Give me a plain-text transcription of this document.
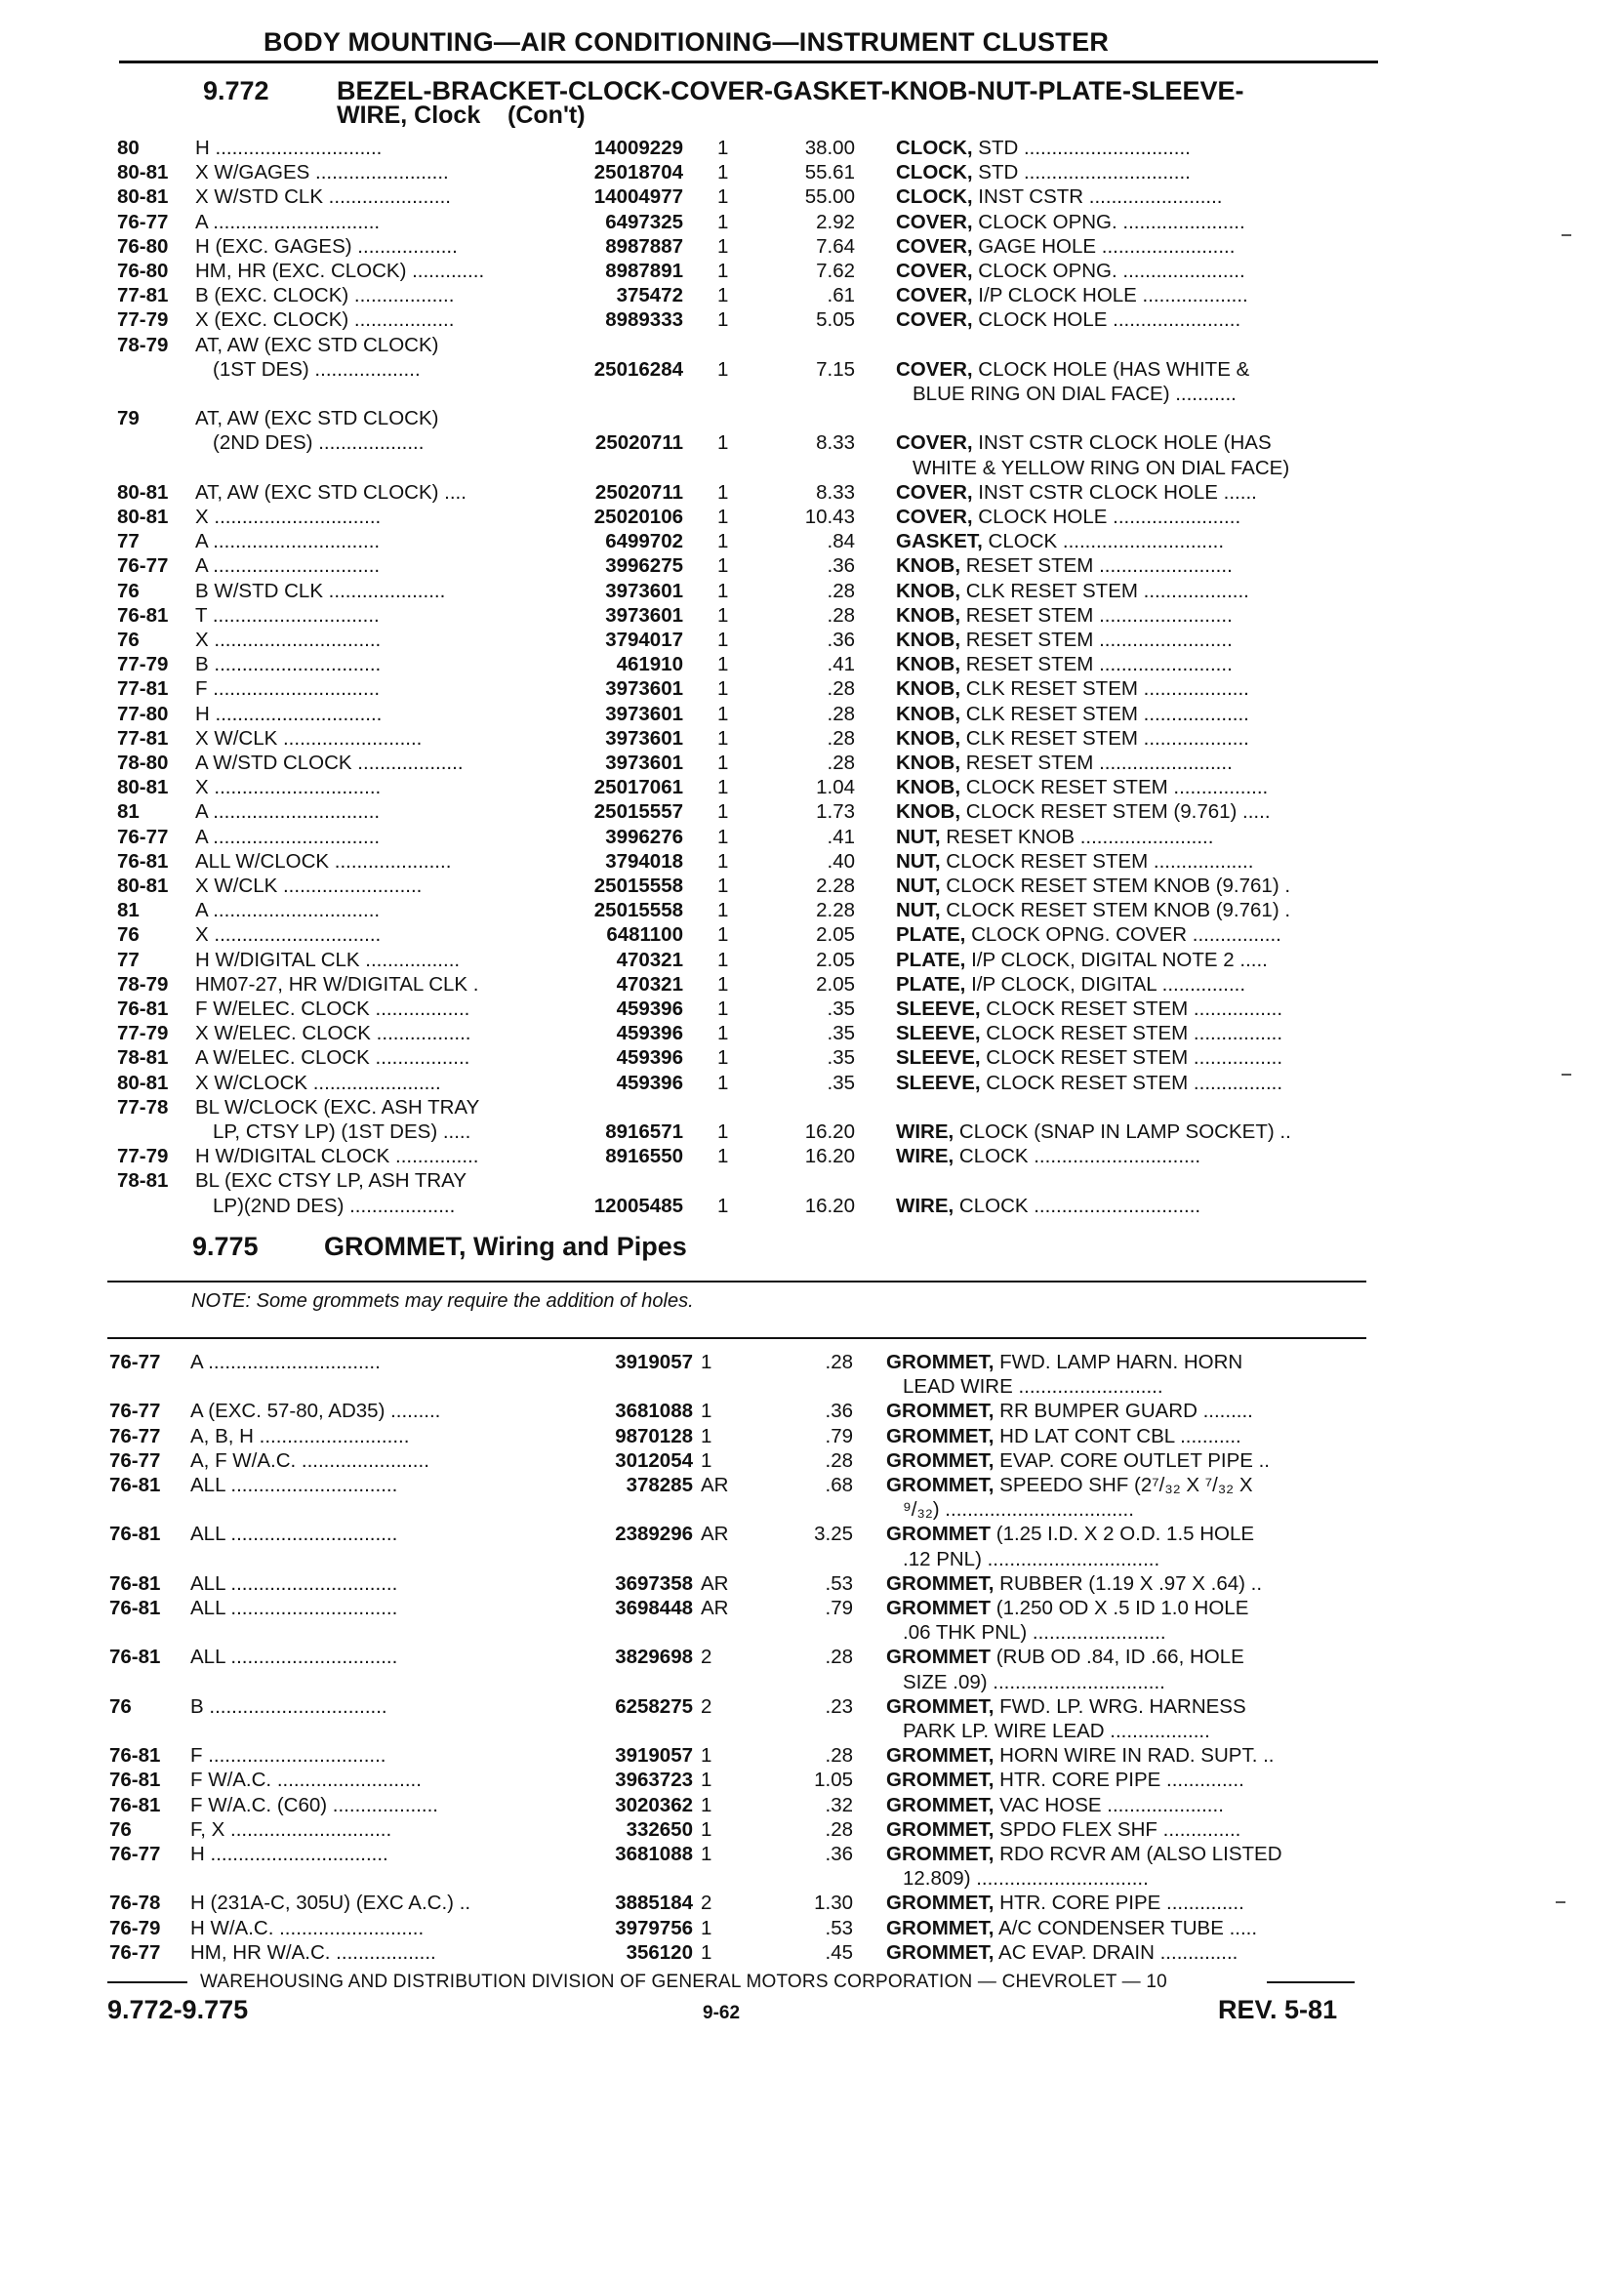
BODY MOUNTING—AIR CONDITIONING—INSTRUMENT CLUSTER
9.772	BEZEL-BRACKET-CLOCK-COVER-GASKET-KNOB-NUT-PLATE-SLEEVE-
WIRE, Clock    (Con't)
80	H ..............................	14009229 1	38.00 CLOCK, STD ..............................
80-81	X W/GAGES ........................	25018704 1	55.61 CLOCK, STD ..............................
80-81	X W/STD CLK ......................	14004977 1	55.00 CLOCK, INST CSTR ........................
76-77	A ..............................	6497325 1	2.92 COVER, CLOCK OPNG. ......................
76-80	H (EXC. GAGES) ..................	8987887 1	7.64 COVER, GAGE HOLE ........................
76-80	HM, HR (EXC. CLOCK) .............	8987891 1	7.62 COVER, CLOCK OPNG. ......................
77-81	B (EXC. CLOCK) ..................	375472 1	.61 COVER, I/P CLOCK HOLE ...................
77-79	X (EXC. CLOCK) ..................	8989333 1	5.05 COVER, CLOCK HOLE .......................
78-79	AT, AW (EXC STD CLOCK)
(1ST DES) ...................	25016284 1	7.15 COVER, CLOCK HOLE (HAS WHITE &
BLUE RING ON DIAL FACE) ...........
79	AT, AW (EXC STD CLOCK)
(2ND DES) ...................	25020711 1	8.33 COVER, INST CSTR CLOCK HOLE (HAS
WHITE & YELLOW RING ON DIAL FACE)
80-81	AT, AW (EXC STD CLOCK) ....	25020711 1	8.33 COVER, INST CSTR CLOCK HOLE ......
80-81	X ..............................	25020106 1	10.43 COVER, CLOCK HOLE .......................
77	A ..............................	6499702 1	.84 GASKET, CLOCK .............................
76-77	A ..............................	3996275 1	.36 KNOB, RESET STEM ........................
76	B W/STD CLK .....................	3973601 1	.28 KNOB, CLK RESET STEM ...................
76-81	T ..............................	3973601 1	.28 KNOB, RESET STEM ........................
76	X ..............................	3794017 1	.36 KNOB, RESET STEM ........................
77-79	B ..............................	461910 1	.41 KNOB, RESET STEM ........................
77-81	F ..............................	3973601 1	.28 KNOB, CLK RESET STEM ...................
77-80	H ..............................	3973601 1	.28 KNOB, CLK RESET STEM ...................
77-81	X W/CLK .........................	3973601 1	.28 KNOB, CLK RESET STEM ...................
78-80	A W/STD CLOCK ...................	3973601 1	.28 KNOB, RESET STEM ........................
80-81	X ..............................	25017061 1	1.04 KNOB, CLOCK RESET STEM .................
81	A ..............................	25015557 1	1.73 KNOB, CLOCK RESET STEM (9.761) .....
76-77	A ..............................	3996276 1	.41 NUT, RESET KNOB ........................
76-81	ALL W/CLOCK .....................	3794018 1	.40 NUT, CLOCK RESET STEM ..................
80-81	X W/CLK .........................	25015558 1	2.28 NUT, CLOCK RESET STEM KNOB (9.761) .
81	A ..............................	25015558 1	2.28 NUT, CLOCK RESET STEM KNOB (9.761) .
76	X ..............................	6481100 1	2.05 PLATE, CLOCK OPNG. COVER ................
77	H W/DIGITAL CLK .................	470321 1	2.05 PLATE, I/P CLOCK, DIGITAL NOTE 2 .....
78-79	HM07-27, HR W/DIGITAL CLK .	470321 1	2.05 PLATE, I/P CLOCK, DIGITAL ...............
76-81	F W/ELEC. CLOCK .................	459396 1	.35 SLEEVE, CLOCK RESET STEM ................
77-79	X W/ELEC. CLOCK .................	459396 1	.35 SLEEVE, CLOCK RESET STEM ................
78-81	A W/ELEC. CLOCK .................	459396 1	.35 SLEEVE, CLOCK RESET STEM ................
80-81	X W/CLOCK .......................	459396 1	.35 SLEEVE, CLOCK RESET STEM ................
77-78	BL W/CLOCK (EXC. ASH TRAY
LP, CTSY LP) (1ST DES) .....	8916571 1	16.20 WIRE, CLOCK (SNAP IN LAMP SOCKET) ..
77-79	H W/DIGITAL CLOCK ...............	8916550 1	16.20 WIRE, CLOCK ..............................
78-81	BL (EXC CTSY LP, ASH TRAY
LP)(2ND DES) ...................	12005485 1	16.20 WIRE, CLOCK ..............................
9.775 GROMMET, Wiring and Pipes
NOTE: Some grommets may require the addition of holes.
76-77	A ...............................	3919057 1	.28 GROMMET, FWD. LAMP HARN. HORN
LEAD WIRE ..........................
76-77	A (EXC. 57-80, AD35) .........	3681088 1	.36 GROMMET, RR BUMPER GUARD .........
76-77	A, B, H ...........................	9870128 1	.79 GROMMET, HD LAT CONT CBL ...........
76-77	A, F W/A.C. .......................	3012054 1	.28 GROMMET, EVAP. CORE OUTLET PIPE ..
76-81	ALL ..............................	378285 AR	.68 GROMMET, SPEEDO SHF (2⁷/₃₂ X ⁷/₃₂ X
⁹/₃₂) ..................................
76-81	ALL ..............................	2389296 AR	3.25 GROMMET (1.25 I.D. X 2 O.D. 1.5 HOLE
.12 PNL) ...............................
76-81	ALL ..............................	3697358 AR	.53 GROMMET, RUBBER (1.19 X .97 X .64) ..
76-81	ALL ..............................	3698448 AR	.79 GROMMET (1.250 OD X .5 ID 1.0 HOLE
.06 THK PNL) ........................
76-81	ALL ..............................	3829698 2	.28 GROMMET (RUB OD .84, ID .66, HOLE
SIZE .09) ...............................
76	B ................................	6258275 2	.23 GROMMET, FWD. LP. WRG. HARNESS
PARK LP. WIRE LEAD ..................
76-81	F ................................	3919057 1	.28 GROMMET, HORN WIRE IN RAD. SUPT. ..
76-81	F W/A.C. ..........................	3963723 1	1.05 GROMMET, HTR. CORE PIPE ..............
76-81	F W/A.C. (C60) ...................	3020362 1	.32 GROMMET, VAC HOSE .....................
76	F, X .............................	332650 1	.28 GROMMET, SPDO FLEX SHF ..............
76-77	H ................................	3681088 1	.36 GROMMET, RDO RCVR AM (ALSO LISTED
12.809) ...............................
76-78	H (231A-C, 305U) (EXC A.C.) ..	3885184 2	1.30 GROMMET, HTR. CORE PIPE ..............
76-79	H W/A.C. ..........................	3979756 1	.53 GROMMET, A/C CONDENSER TUBE .....
76-77	HM, HR W/A.C. ..................	356120 1	.45 GROMMET, AC EVAP. DRAIN ..............
WAREHOUSING AND DISTRIBUTION DIVISION OF GENERAL MOTORS CORPORATION — CHEVROLET — 10
9.772-9.775	9-62	REV. 5-81
